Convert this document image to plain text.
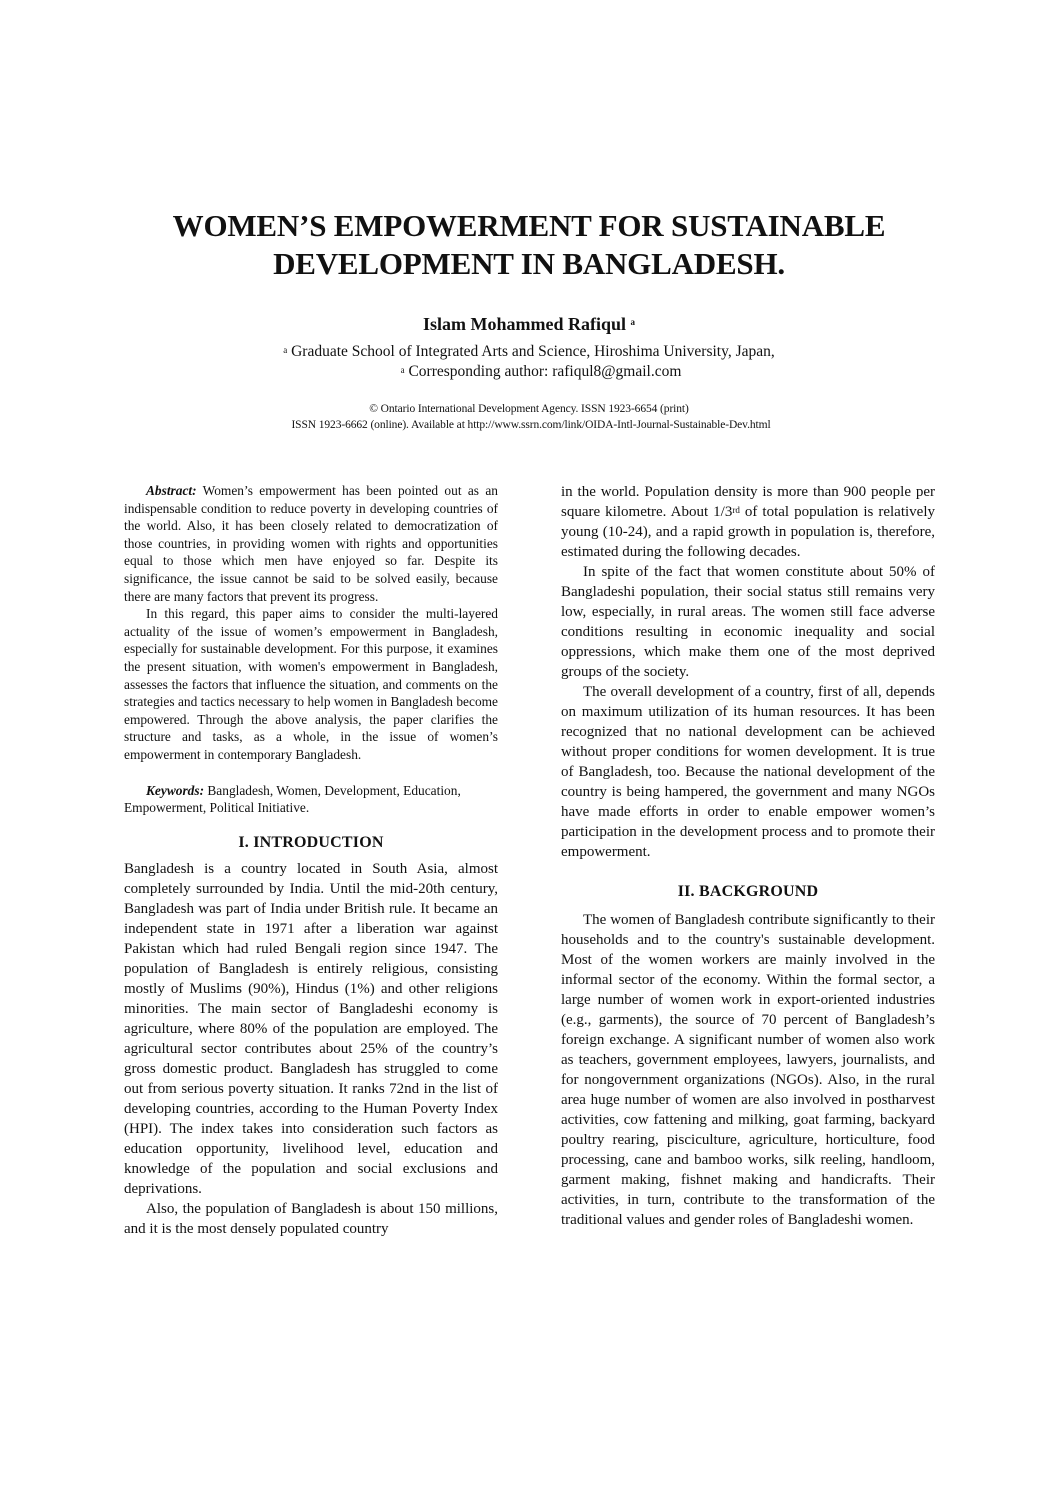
WOMEN’S EMPOWERMENT FOR SUSTAINABLE
DEVELOPMENT IN BANGLADESH.
Islam Mohammed Rafiqul $^a$
$^a$ Graduate School of Integrated Arts and Science, Hiroshima University, Japan,
$^a$ Corresponding author: rafiqul8@gmail.com
© Ontario International Development Agency. ISSN 1923-6654 (print)
ISSN 1923-6662 (online). Available at http://www.ssrn.com/link/OIDA-Intl-Journal-Sustainable-Dev.html

Abstract: Women’s empowerment has been pointed out as an indispensable condition to reduce poverty in developing countries of the world. Also, it has been closely related to democratization of those countries, in providing women with rights and opportunities equal to those which men have enjoyed so far. Despite its significance, the issue cannot be said to be solved easily, because there are many factors that prevent its progress.

In this regard, this paper aims to consider the multi-layered actuality of the issue of women’s empowerment in Bangladesh, especially for sustainable development. For this purpose, it examines the present situation, with women's empowerment in Bangladesh, assesses the factors that influence the situation, and comments on the strategies and tactics necessary to help women in Bangladesh become empowered. Through the above analysis, the paper clarifies the structure and tasks, as a whole, in the issue of women’s empowerment in contemporary Bangladesh.

Keywords: Bangladesh, Women, Development, Education, Empowerment, Political Initiative.

I. INTRODUCTION

Bangladesh is a country located in South Asia, almost completely surrounded by India. Until the mid-20th century, Bangladesh was part of India under British rule. It became an independent state in 1971 after a liberation war against Pakistan which had ruled Bengali region since 1947. The population of Bangladesh is entirely religious, consisting mostly of Muslims (90%), Hindus (1%) and other religions minorities. The main sector of Bangladeshi economy is agriculture, where 80% of the population are employed. The agricultural sector contributes about 25% of the country’s gross domestic product. Bangladesh has struggled to come out from serious poverty situation. It ranks 72nd in the list of developing countries, according to the Human Poverty Index (HPI). The index takes into consideration such factors as education opportunity, livelihood level, education and knowledge of the population and social exclusions and deprivations.

Also, the population of Bangladesh is about 150 millions, and it is the most densely populated country

in the world. Population density is more than 900 people per square kilometre. About 1/3rd of total population is relatively young (10-24), and a rapid growth in population is, therefore, estimated during the following decades.

In spite of the fact that women constitute about 50% of Bangladeshi population, their social status still remains very low, especially, in rural areas. The women still face adverse conditions resulting in economic inequality and social oppressions, which make them one of the most deprived groups of the society.

The overall development of a country, first of all, depends on maximum utilization of its human resources. It has been recognized that no national development can be achieved without proper conditions for women development. It is true of Bangladesh, too. Because the national development of the country is being hampered, the government and many NGOs have made efforts in order to enable empower women’s participation in the development process and to promote their empowerment.

II. BACKGROUND

The women of Bangladesh contribute significantly to their households and to the country's sustainable development. Most of the women workers are mainly involved in the informal sector of the economy. Within the formal sector, a large number of women work in export-oriented industries (e.g., garments), the source of 70 percent of Bangladesh’s foreign exchange. A significant number of women also work as teachers, government employees, lawyers, journalists, and for nongovernment organizations (NGOs). Also, in the rural area huge number of women are also involved in postharvest activities, cow fattening and milking, goat farming, backyard poultry rearing, pisciculture, agriculture, horticulture, food processing, cane and bamboo works, silk reeling, handloom, garment making, fishnet making and handicrafts. Their activities, in turn, contribute to the transformation of the traditional values and gender roles of Bangladeshi women.
